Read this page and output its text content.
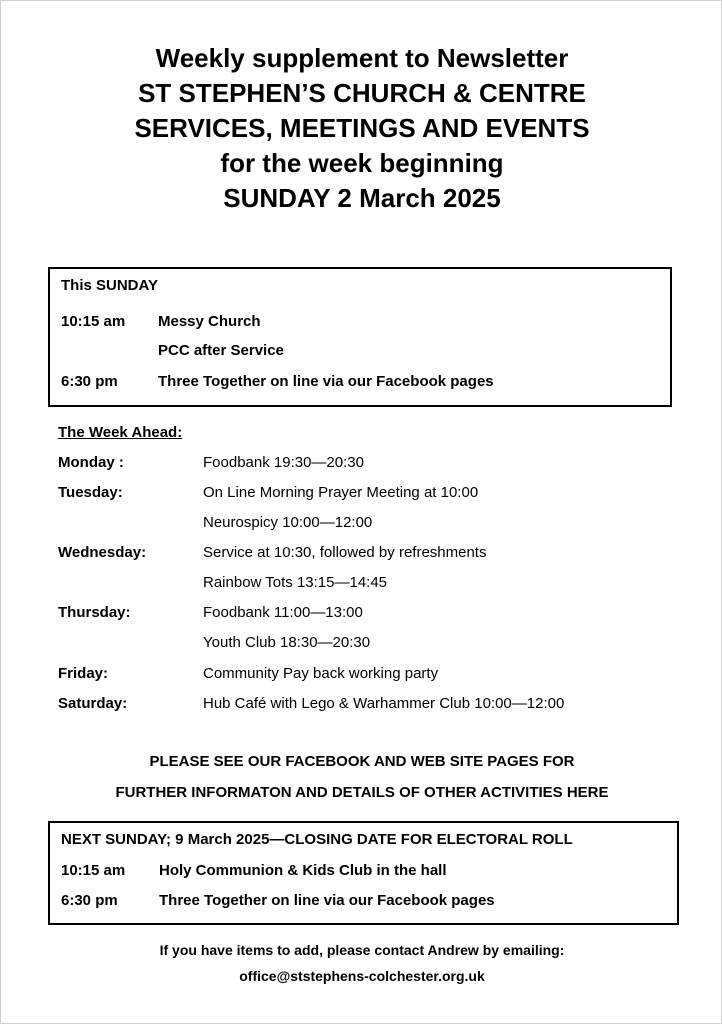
Weekly supplement to Newsletter
ST STEPHEN’S CHURCH & CENTRE
SERVICES, MEETINGS AND EVENTS
for the week beginning
SUNDAY 2 March 2025
This SUNDAY
10:15 am Messy Church
PCC after Service
6:30 pm	Three Together on line via our Facebook pages
The Week Ahead:
Monday :	Foodbank 19:30—20:30
Tuesday:	On Line Morning Prayer Meeting at 10:00
Neurospicy 10:00—12:00
Wednesday:	Service at 10:30, followed by refreshments
Rainbow Tots 13:15—14:45
Thursday:	Foodbank 11:00—13:00
Youth Club 18:30—20:30
Friday:	Community Pay back working party
Saturday:	Hub Café with Lego & Warhammer Club 10:00—12:00
PLEASE SEE OUR FACEBOOK AND WEB SITE PAGES FOR
FURTHER INFORMATON AND DETAILS OF OTHER ACTIVITIES HERE
NEXT SUNDAY; 9 March 2025—CLOSING DATE FOR ELECTORAL ROLL
10:15 am Holy Communion & Kids Club in the hall
6:30 pm	Three Together on line via our Facebook pages
If you have items to add, please contact Andrew by emailing:
office@ststephens-colchester.org.uk
